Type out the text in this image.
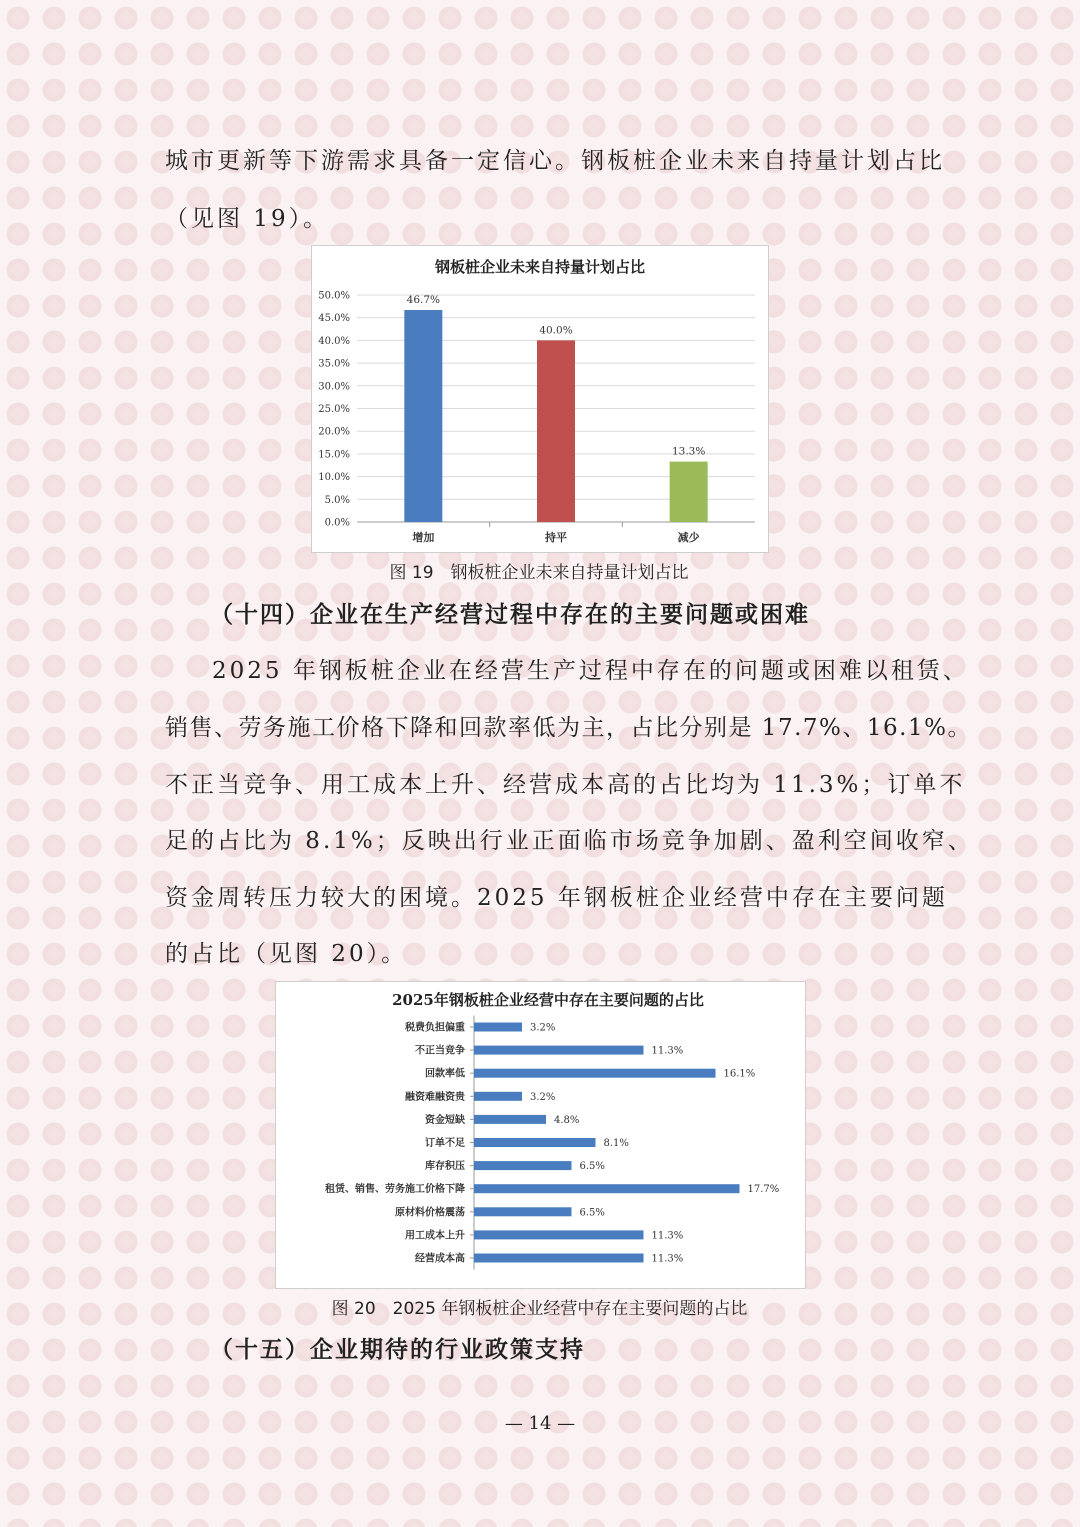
城市更新等下游需求具备一定信心。钢板桩企业未来自持量计划占比

（见图 19）。

钢板桩企业未来自持量计划占比
0.0%
5.0%
10.0%
15.0%
20.0%
25.0%
30.0%
35.0%
40.0%
45.0%
50.0%	46.7%
增加
40.0%
持平
13.3%
减少

图 19　钢板桩企业未来自持量计划占比

（十四）企业在生产经营过程中存在的主要问题或困难

2025 年钢板桩企业在经营生产过程中存在的问题或困难以租赁、

销售、劳务施工价格下降和回款率低为主，占比分别是 17.7%、16.1%。

不正当竞争、用工成本上升、经营成本高的占比均为 11.3%；订单不

足的占比为 8.1%；反映出行业正面临市场竞争加剧、盈利空间收窄、

资金周转压力较大的困境。2025 年钢板桩企业经营中存在主要问题

的占比（见图 20）。

2025年钢板桩企业经营中存在主要问题的占比
税费负担偏重	3.2%
不正当竞争	11.3%
回款率低	16.1%
融资难融资贵	3.2%
资金短缺	4.8%
订单不足	8.1%
库存积压	6.5%
租赁、销售、劳务施工价格下降	17.7%
原材料价格震荡	6.5%
用工成本上升	11.3%
经营成本高	11.3%

图 20　2025 年钢板桩企业经营中存在主要问题的占比

（十五）企业期待的行业政策支持

— 14 —
